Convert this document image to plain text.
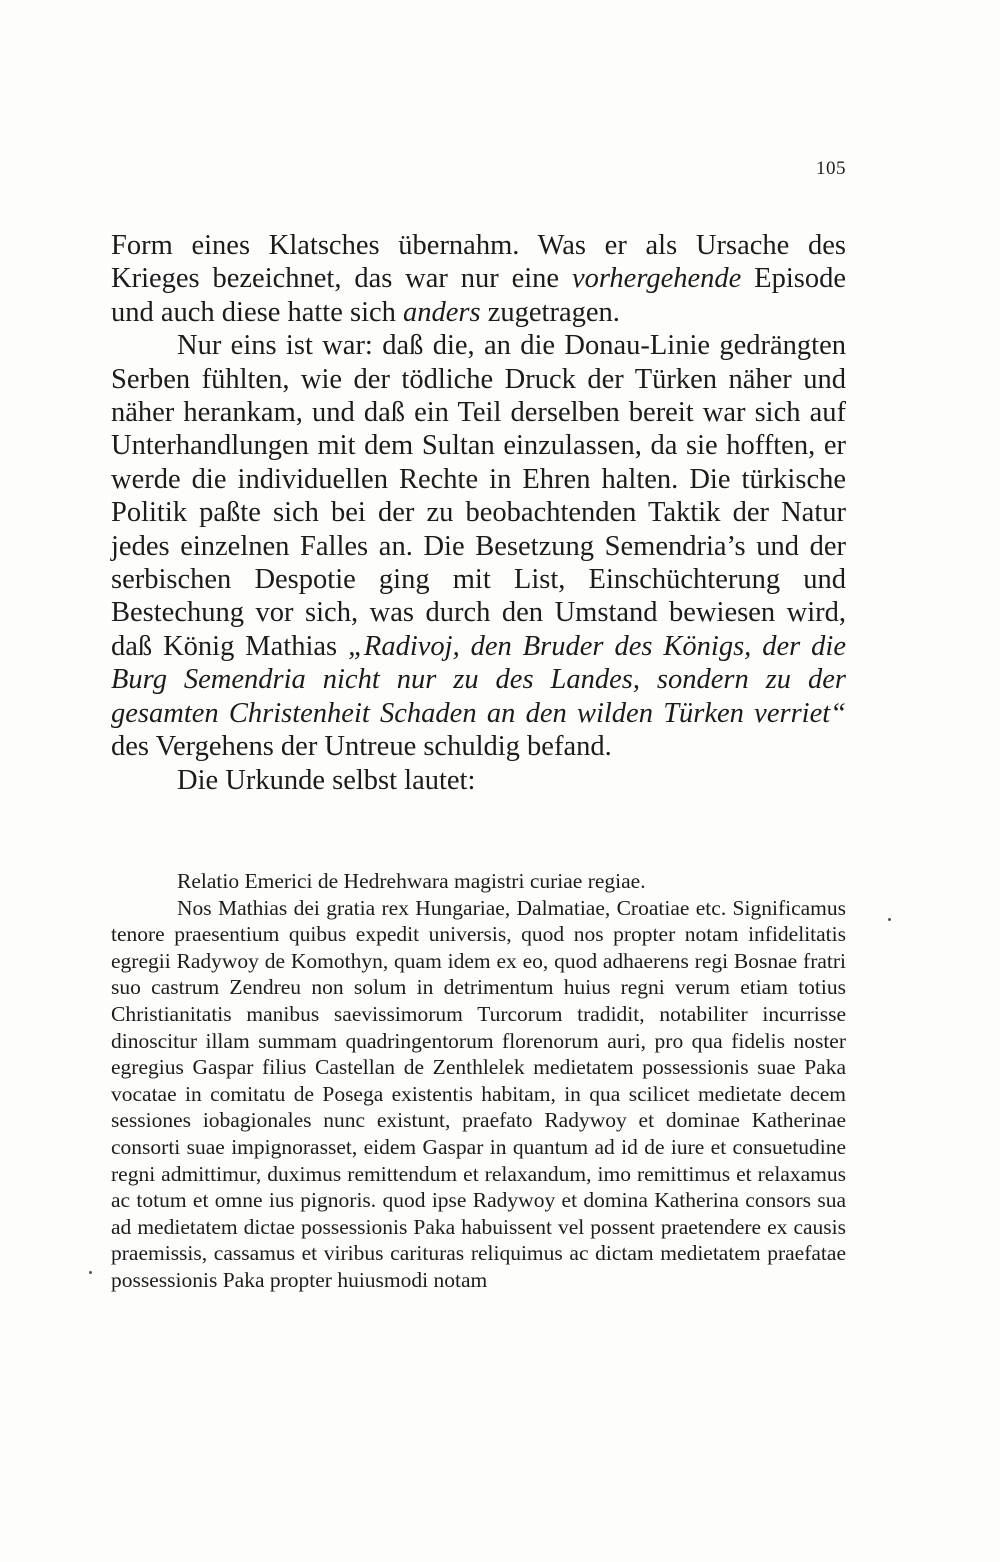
105

Form eines Klatsches übernahm. Was er als Ursache des Krieges bezeichnet, das war nur eine vorhergehende Episode und auch diese hatte sich anders zugetragen.

Nur eins ist war: daß die, an die Donau-Linie gedrängten Serben fühlten, wie der tödliche Druck der Türken näher und näher herankam, und daß ein Teil derselben bereit war sich auf Unterhandlungen mit dem Sultan einzulassen, da sie hofften, er werde die individuellen Rechte in Ehren halten. Die türkische Politik paßte sich bei der zu beobachtenden Taktik der Natur jedes einzelnen Falles an. Die Besetzung Semendria’s und der serbischen Despotie ging mit List, Einschüchterung und Bestechung vor sich, was durch den Umstand bewiesen wird, daß König Mathias „Radivoj, den Bruder des Königs, der die Burg Semendria nicht nur zu des Landes, sondern zu der gesamten Christenheit Schaden an den wilden Türken verriet“ des Vergehens der Untreue schuldig befand.

Die Urkunde selbst lautet:

Relatio Emerici de Hedrehwara magistri curiae regiae.

Nos Mathias dei gratia rex Hungariae, Dalmatiae, Croatiae etc. Significamus tenore praesentium quibus expedit universis, quod nos propter notam infidelitatis egregii Radywoy de Komothyn, quam idem ex eo, quod adhaerens regi Bosnae fratri suo castrum Zendreu non solum in detrimentum huius regni verum etiam totius Christianitatis manibus saevissimorum Turcorum tradidit, notabiliter incurrisse dinoscitur illam summam quadringentorum florenorum auri, pro qua fidelis noster egregius Gaspar filius Castellan de Zenthlelek medietatem possessionis suae Paka vocatae in comitatu de Posega existentis habitam, in qua scilicet medietate decem sessiones iobagionales nunc existunt, praefato Radywoy et dominae Katherinae consorti suae impignorasset, eidem Gaspar in quantum ad id de iure et consuetudine regni admittimur, duximus remittendum et relaxandum, imo remittimus et relaxamus ac totum et omne ius pignoris. quod ipse Radywoy et domina Katherina consors sua ad medietatem dictae possessionis Paka habuissent vel possent praetendere ex causis praemissis, cassamus et viribus carituras reliquimus ac dictam medietatem praefatae possessionis Paka propter huiusmodi notam
